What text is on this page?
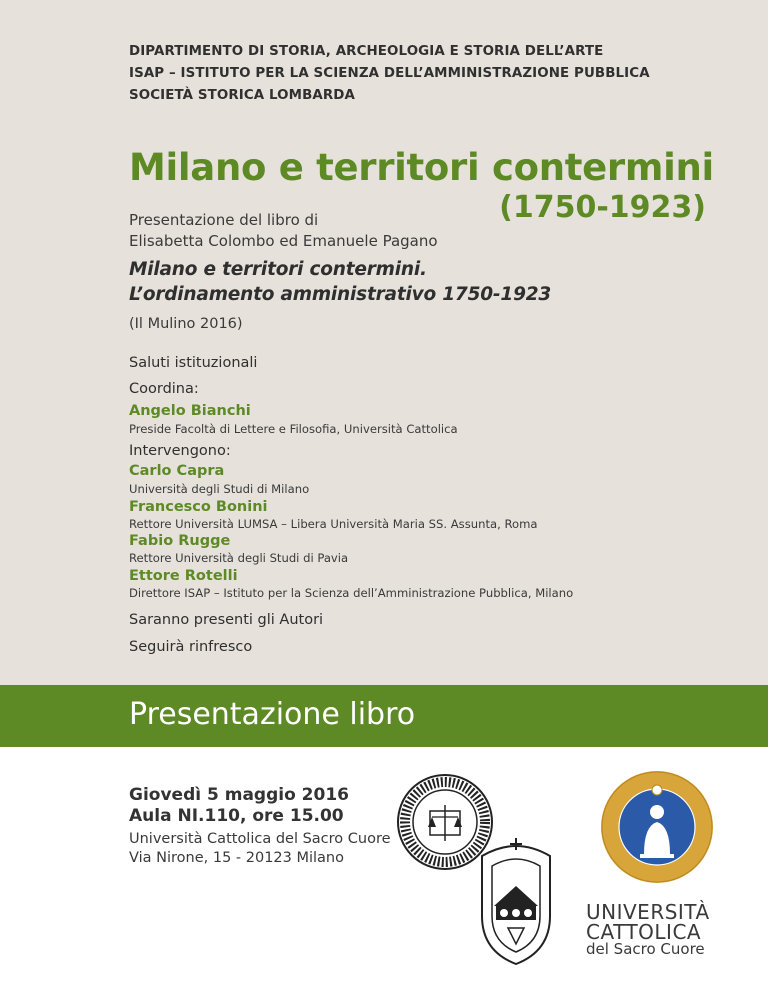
DIPARTIMENTO DI STORIA, ARCHEOLOGIA E STORIA DELL’ARTE
ISAP – ISTITUTO PER LA SCIENZA DELL’AMMINISTRAZIONE PUBBLICA
SOCIETÀ STORICA LOMBARDA
Milano e territori contermini
(1750-1923)
Presentazione del libro di
Elisabetta Colombo ed Emanuele Pagano
Milano e territori contermini.
L’ordinamento amministrativo 1750-1923
(Il Mulino 2016)
Saluti istituzionali
Coordina:
Angelo Bianchi
Preside Facoltà di Lettere e Filosofia, Università Cattolica
Intervengono:
Carlo Capra
Università degli Studi di Milano
Francesco Bonini
Rettore Università LUMSA – Libera Università Maria SS. Assunta, Roma
Fabio Rugge
Rettore Università degli Studi di Pavia
Ettore Rotelli
Direttore ISAP – Istituto per la Scienza dell’Amministrazione Pubblica, Milano
Saranno presenti gli Autori
Seguirà rinfresco
Presentazione libro
Giovedì 5 maggio 2016
Aula NI.110, ore 15.00
Università Cattolica del Sacro Cuore
Via Nirone, 15 - 20123 Milano
UNIVERSITÀ
CATTOLICA
del Sacro Cuore
